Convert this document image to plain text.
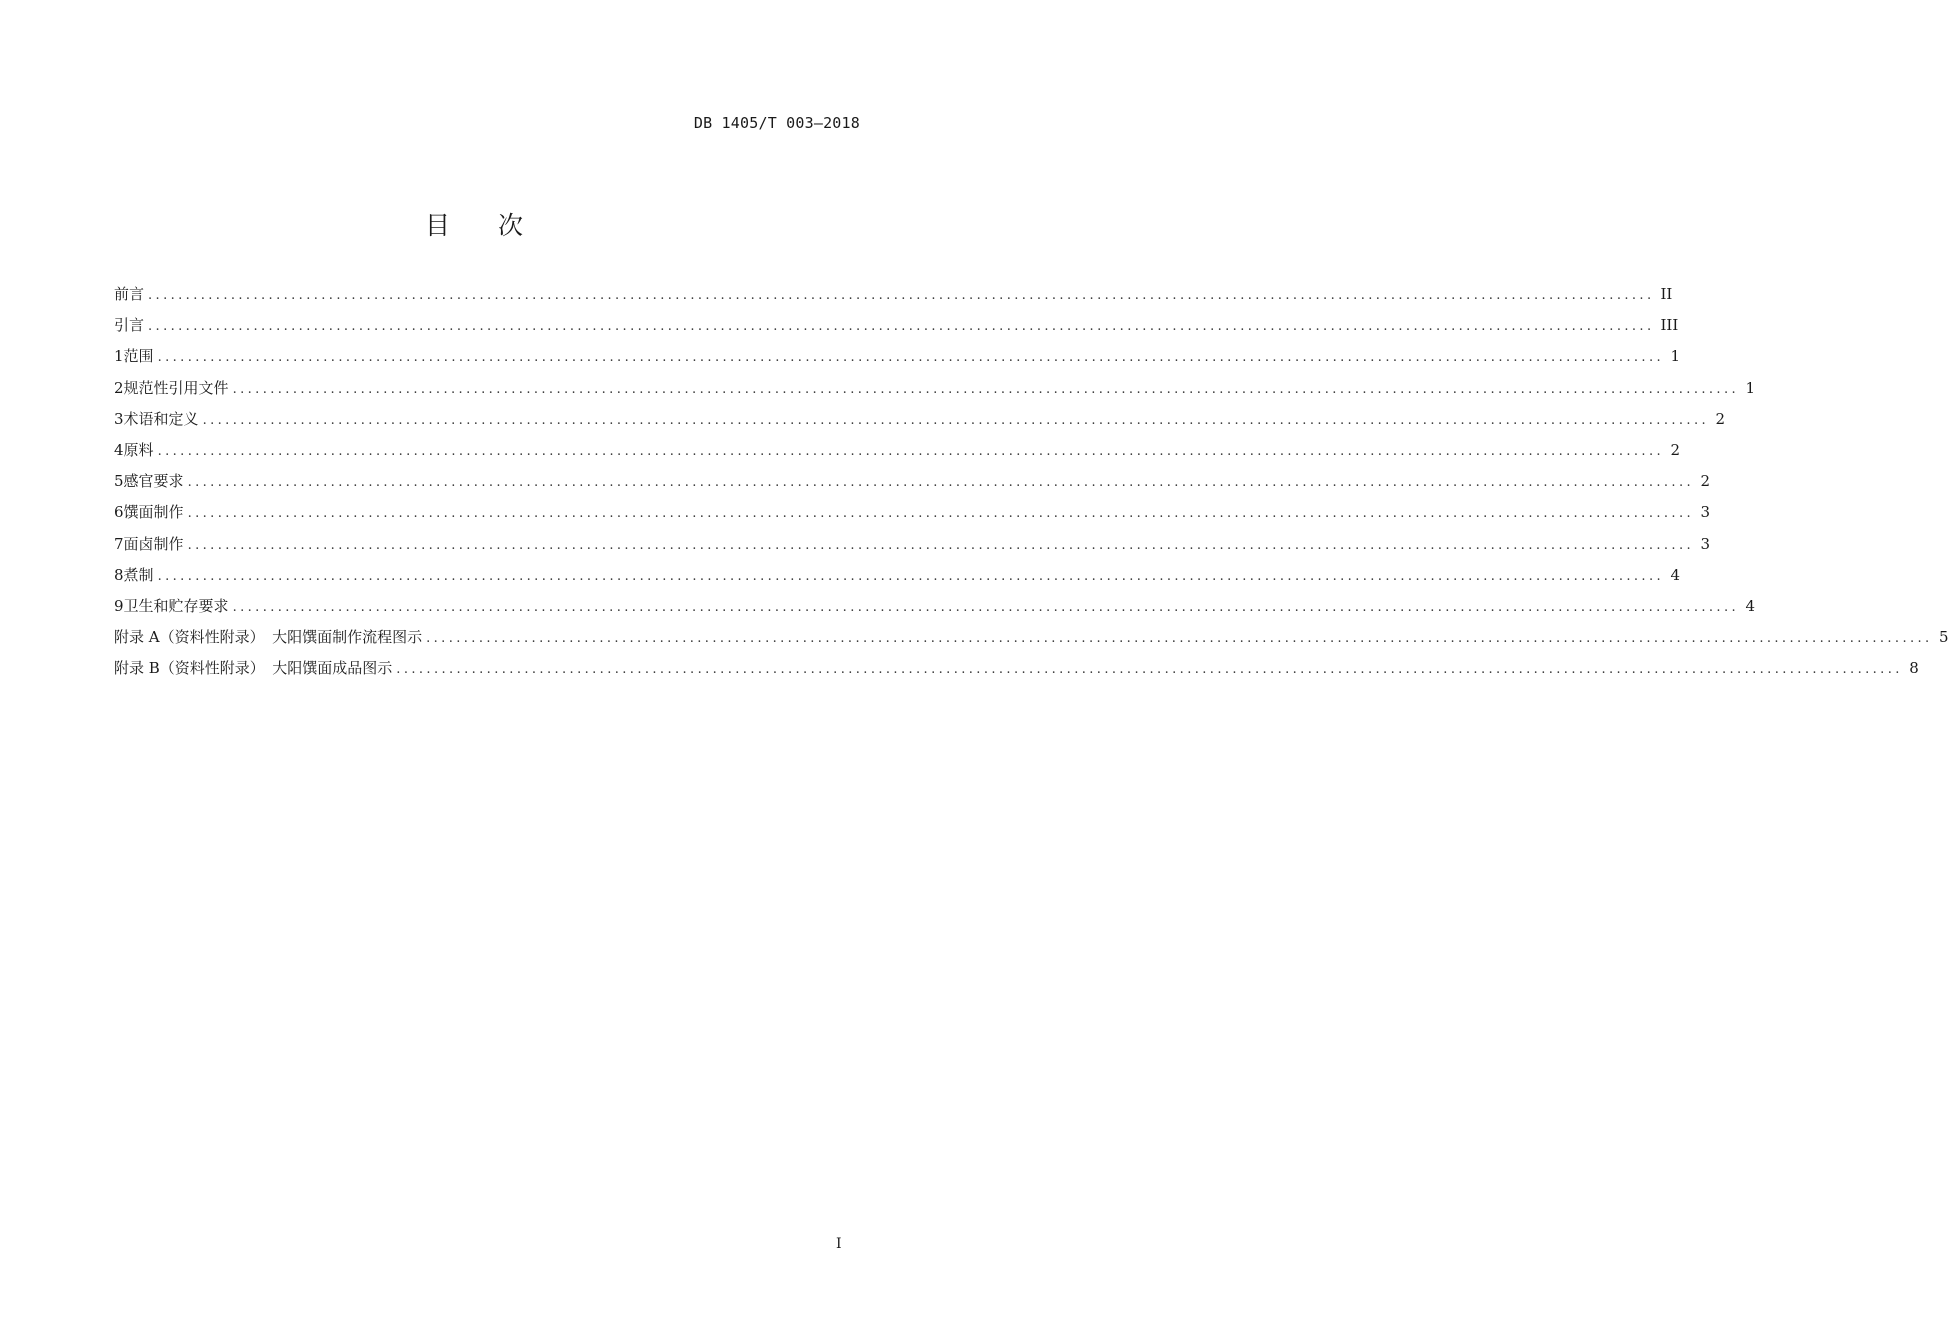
DB 1405/T 003—2018
目 次
前言 ........................................................................................................................................................................................................ II
引言 ........................................................................................................................................................................................................ III
1 范围 ........................................................................................................................................................................................................ 1
2 规范性引用文件 ........................................................................................................................................................................................................ 1
3 术语和定义 ........................................................................................................................................................................................................ 2
4 原料 ........................................................................................................................................................................................................ 2
5 感官要求 ........................................................................................................................................................................................................ 2
6 馔面制作 ........................................................................................................................................................................................................ 3
7 面卤制作 ........................................................................................................................................................................................................ 3
8 煮制 ........................................................................................................................................................................................................ 4
9 卫生和贮存要求 ........................................................................................................................................................................................................ 4
附录 A（资料性附录）　大阳馔面制作流程图示 ........................................................................................................................................................................................................ 5
附录 B（资料性附录）　大阳馔面成品图示 ........................................................................................................................................................................................................ 8
I
